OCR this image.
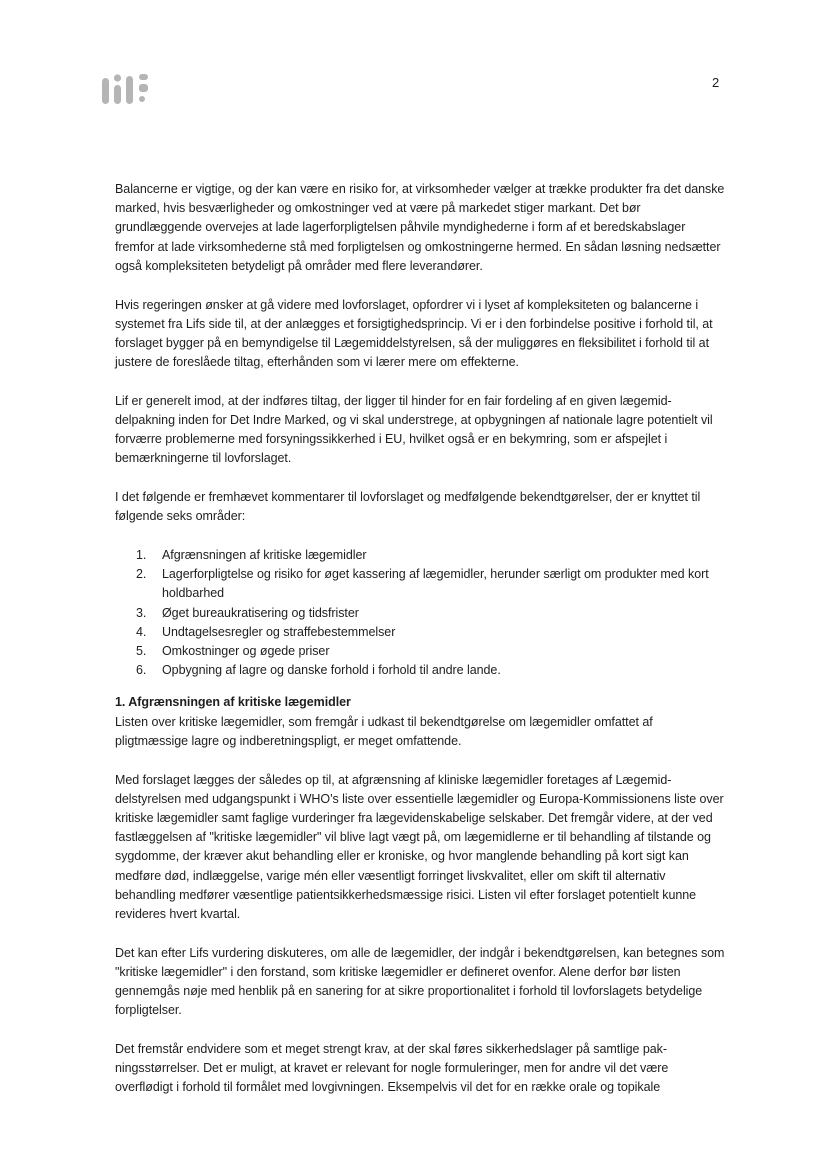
2

Balancerne er vigtige, og der kan være en risiko for, at virksomheder vælger at trække produkter fra det danske marked, hvis besværligheder og omkostninger ved at være på markedet stiger markant. Det bør grundlæggende overvejes at lade lagerforpligtelsen påhvile myndighederne i form af et beredskabslager fremfor at lade virksomhederne stå med forpligtelsen og omkostningerne hermed. En sådan løsning nedsætter også kompleksiteten betydeligt på områder med flere leverandører.

Hvis regeringen ønsker at gå videre med lovforslaget, opfordrer vi i lyset af kompleksiteten og balancerne i systemet fra Lifs side til, at der anlægges et forsigtighedsprincip. Vi er i den forbindelse positive i forhold til, at forslaget bygger på en bemyndigelse til Lægemiddelstyrelsen, så der muliggøres en fleksibilitet i forhold til at justere de foreslåede tiltag, efterhånden som vi lærer mere om effekterne.

Lif er generelt imod, at der indføres tiltag, der ligger til hinder for en fair fordeling af en given lægemiddelpakning inden for Det Indre Marked, og vi skal understrege, at opbygningen af nationale lagre potentielt vil forværre problemerne med forsyningssikkerhed i EU, hvilket også er en bekymring, som er afspejlet i bemærkningerne til lovforslaget.

I det følgende er fremhævet kommentarer til lovforslaget og medfølgende bekendtgørelser, der er knyttet til følgende seks områder:

1. Afgrænsningen af kritiske lægemidler
2. Lagerforpligtelse og risiko for øget kassering af lægemidler, herunder særligt om produkter med kort holdbarhed
3. Øget bureaukratisering og tidsfrister
4. Undtagelsesregler og straffebestemmelser
5. Omkostninger og øgede priser
6. Opbygning af lagre og danske forhold i forhold til andre lande.
1. Afgrænsningen af kritiske lægemidler

Listen over kritiske lægemidler, som fremgår i udkast til bekendtgørelse om lægemidler omfattet af pligtmæssige lagre og indberetningspligt, er meget omfattende.

Med forslaget lægges der således op til, at afgrænsning af kliniske lægemidler foretages af Lægemiddelstyrelsen med udgangspunkt i WHO’s liste over essentielle lægemidler og Europa-Kommissionens liste over kritiske lægemidler samt faglige vurderinger fra lægevidenskabelige selskaber. Det fremgår videre, at der ved fastlæggelsen af "kritiske lægemidler" vil blive lagt vægt på, om lægemidlerne er til behandling af tilstande og sygdomme, der kræver akut behandling eller er kroniske, og hvor manglende behandling på kort sigt kan medføre død, indlæggelse, varige mén eller væsentligt forringet livskvalitet, eller om skift til alternativ behandling medfører væsentlige patientsikkerhedsmæssige risici. Listen vil efter forslaget potentielt kunne revideres hvert kvartal.

Det kan efter Lifs vurdering diskuteres, om alle de lægemidler, der indgår i bekendtgørelsen, kan betegnes som "kritiske lægemidler" i den forstand, som kritiske lægemidler er defineret ovenfor. Alene derfor bør listen gennemgås nøje med henblik på en sanering for at sikre proportionalitet i forhold til lovforslagets betydelige forpligtelser.

Det fremstår endvidere som et meget strengt krav, at der skal føres sikkerhedslager på samtlige pakningsstørrelser. Det er muligt, at kravet er relevant for nogle formuleringer, men for andre vil det være overflødigt i forhold til formålet med lovgivningen. Eksempelvis vil det for en række orale og topikale
